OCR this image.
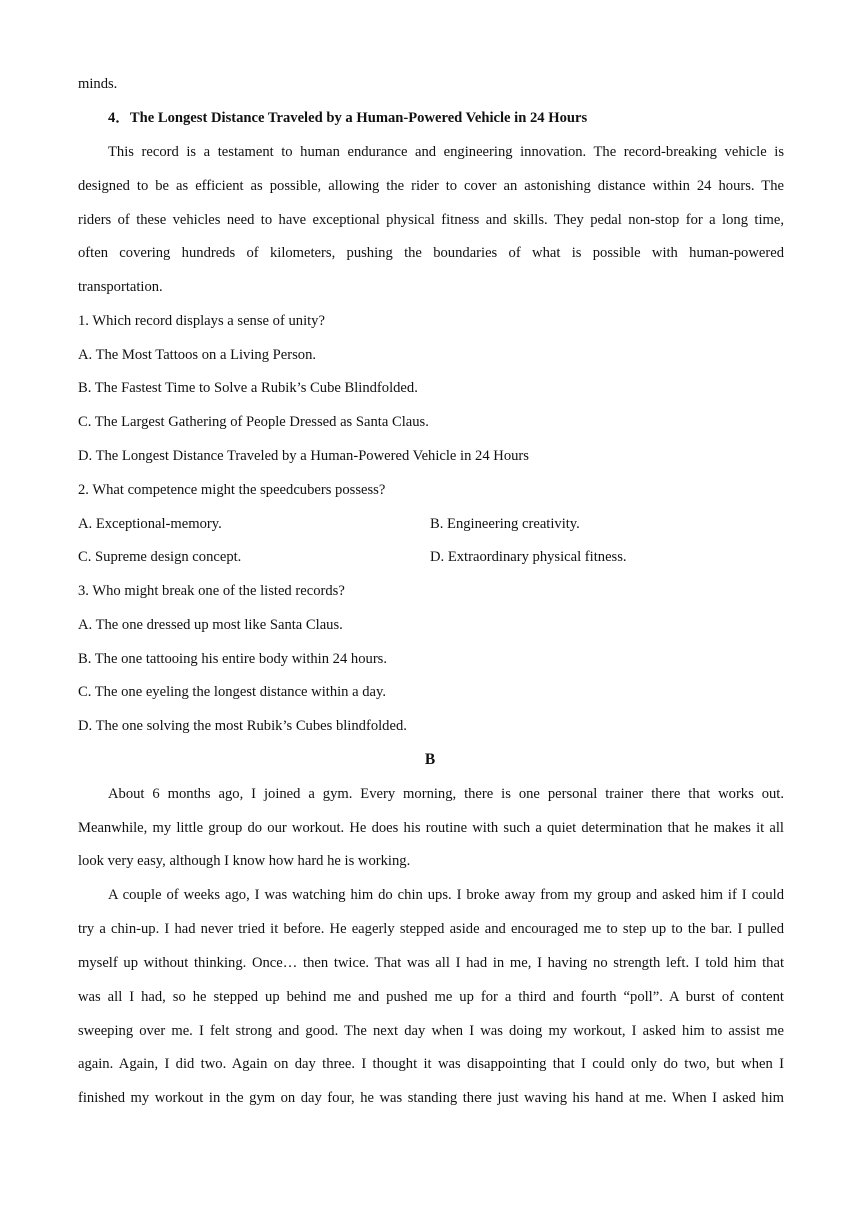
minds.
4．The Longest Distance Traveled by a Human-Powered Vehicle in 24 Hours
This record is a testament to human endurance and engineering innovation. The record-breaking vehicle is
designed to be as efficient as possible, allowing the rider to cover an astonishing distance within 24 hours. The
riders of these vehicles need to have exceptional physical fitness and skills. They pedal non-stop for a long time,
often covering hundreds of kilometers, pushing the boundaries of what is possible with human-powered
transportation.
1. Which record displays a sense of unity?
A. The Most Tattoos on a Living Person.
B. The Fastest Time to Solve a Rubik’s Cube Blindfolded.
C. The Largest Gathering of People Dressed as Santa Claus.
D. The Longest Distance Traveled by a Human-Powered Vehicle in 24 Hours
2. What competence might the speedcubers possess?
A. Exceptional-memory.	B. Engineering creativity.
C. Supreme design concept.	D. Extraordinary physical fitness.
3. Who might break one of the listed records?
A. The one dressed up most like Santa Claus.
B. The one tattooing his entire body within 24 hours.
C. The one eyeling the longest distance within a day.
D. The one solving the most Rubik’s Cubes blindfolded.
B
About 6 months ago, I joined a gym. Every morning, there is one personal trainer there that works out.
Meanwhile, my little group do our workout. He does his routine with such a quiet determination that he makes it all
look very easy, although I know how hard he is working.
A couple of weeks ago, I was watching him do chin ups. I broke away from my group and asked him if I could
try a chin-up. I had never tried it before. He eagerly stepped aside and encouraged me to step up to the bar. I pulled
myself up without thinking. Once… then twice. That was all I had in me, I having no strength left. I told him that
was all I had, so he stepped up behind me and pushed me up for a third and fourth “poll”. A burst of content
sweeping over me. I felt strong and good. The next day when I was doing my workout, I asked him to assist me
again. Again, I did two. Again on day three. I thought it was disappointing that I could only do two, but when I
finished my workout in the gym on day four, he was standing there just waving his hand at me. When I asked him
